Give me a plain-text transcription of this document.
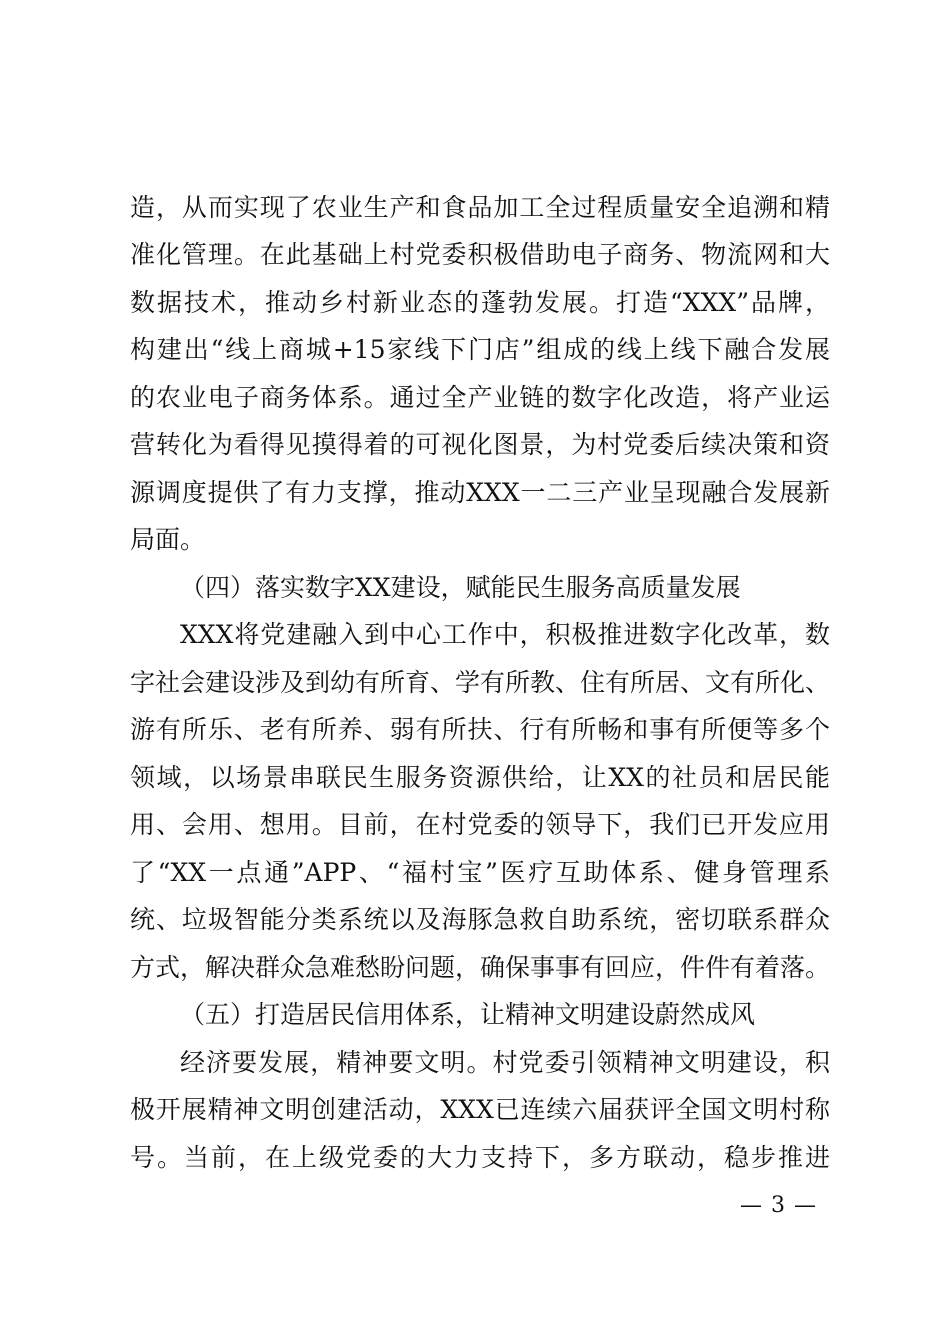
造，从而实现了农业生产和食品加工全过程质量安全追溯和精
准化管理。在此基础上村党委积极借助电子商务、物流网和大
数据技术，推动乡村新业态的蓬勃发展。打造“XXX”品牌，
构建出“线上商城+15家线下门店”组成的线上线下融合发展
的农业电子商务体系。通过全产业链的数字化改造，将产业运
营转化为看得见摸得着的可视化图景，为村党委后续决策和资
源调度提供了有力支撑，推动XXX一二三产业呈现融合发展新
局面。
（四）落实数字XX建设，赋能民生服务高质量发展
XXX将党建融入到中心工作中，积极推进数字化改革，数
字社会建设涉及到幼有所育、学有所教、住有所居、文有所化、
游有所乐、老有所养、弱有所扶、行有所畅和事有所便等多个
领域，以场景串联民生服务资源供给，让XX的社员和居民能
用、会用、想用。目前，在村党委的领导下，我们已开发应用
了“XX一点通”APP、“福村宝”医疗互助体系、健身管理系
统、垃圾智能分类系统以及海豚急救自助系统，密切联系群众
方式，解决群众急难愁盼问题，确保事事有回应，件件有着落。
（五）打造居民信用体系，让精神文明建设蔚然成风
经济要发展，精神要文明。村党委引领精神文明建设，积
极开展精神文明创建活动，XXX已连续六届获评全国文明村称
号。当前，在上级党委的大力支持下，多方联动，稳步推进
— 3 —
